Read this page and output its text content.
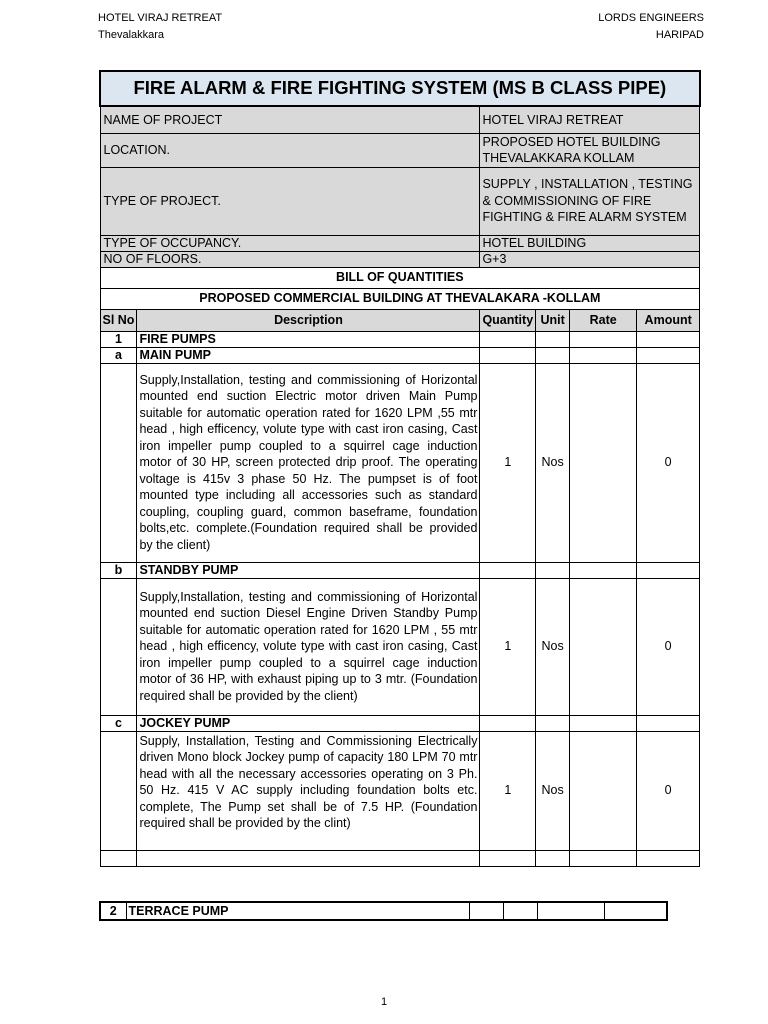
HOTEL VIRAJ RETREAT
Thevalakkara
LORDS ENGINEERS
HARIPAD
FIRE ALARM & FIRE FIGHTING SYSTEM (MS B CLASS PIPE)					
NAME OF PROJECT		HOTEL VIRAJ RETREAT			
LOCATION.		PROPOSED HOTEL BUILDING THEVALAKKARA KOLLAM			
TYPE OF PROJECT.		SUPPLY , INSTALLATION , TESTING & COMMISSIONING OF FIRE FIGHTING & FIRE ALARM SYSTEM			
TYPE OF OCCUPANCY.		HOTEL BUILDING			
NO OF FLOORS.		G+3			
BILL OF QUANTITIES					
PROPOSED COMMERCIAL BUILDING AT THEVALAKARA -KOLLAM					
Sl No	Description	Quantity	Unit	Rate	Amount
1	FIRE PUMPS				
a	MAIN PUMP				
	Supply,Installation, testing and commissioning of Horizontal mounted end suction Electric motor driven Main Pump suitable for automatic operation rated for 1620 LPM ,55 mtr head , high efficency, volute type with cast iron casing, Cast iron impeller pump coupled to a squirrel cage induction motor of 30 HP, screen protected drip proof. The operating voltage is 415v 3 phase 50 Hz. The pumpset is of foot mounted type including all accessories such as standard coupling, coupling guard, common baseframe, foundation bolts,etc. complete.(Foundation required shall be provided by the client)	1	Nos		0
b	STANDBY PUMP				
	Supply,Installation, testing and commissioning of Horizontal mounted end suction Diesel Engine Driven Standby Pump suitable for automatic operation rated for 1620 LPM , 55 mtr head , high efficency, volute type with cast iron casing, Cast iron impeller pump coupled to a squirrel cage induction motor of 36 HP, with exhaust piping up to 3 mtr. (Foundation required shall be provided by the client)	1	Nos		0
c	JOCKEY PUMP				
	Supply, Installation, Testing and Commissioning Electrically driven Mono block Jockey pump of capacity 180 LPM 70 mtr head with all the necessary accessories operating on 3 Ph. 50 Hz. 415 V AC supply including foundation bolts etc. complete, The Pump set shall be of 7.5 HP. (Foundation required shall be provided by the clint)	1	Nos		0

2	TERRACE PUMP				
1
